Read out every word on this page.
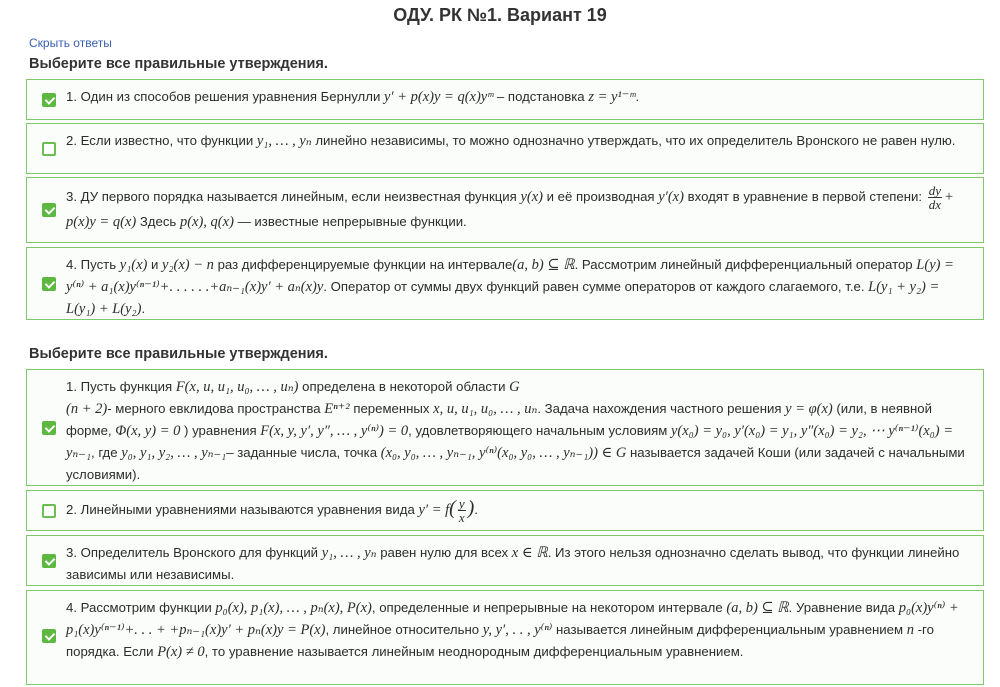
ОДУ. РК №1. Вариант 19
Скрыть ответы
Выберите все правильные утверждения.
1. Один из способов решения уравнения Бернулли y′ + p(x)y = q(x)yᵐ – подстановка z = y¹⁻ᵐ.
2. Если известно, что функции y₁, … , yₙ линейно независимы, то можно однозначно утверждать, что их определитель Вронского не равен нулю.
3. ДУ первого порядка называется линейным, если неизвестная функция y(x) и её производная y′(x) входят в уравнение в первой степени: $\frac{dy}{dx} + p(x)y = q(x)$ Здесь p(x), q(x) — известные непрерывные функции.
4. Пусть y₁(x) и y₂(x) − n раз дифференцируемые функции на интервале(a, b) ⊆ ℝ. Рассмотрим линейный дифференциальный оператор L(y) = y⁽ⁿ⁾ + a₁(x)y⁽ⁿ⁻¹⁾+. . . . . .+aₙ₋₁(x)y′ + aₙ(x)y. Оператор от суммы двух функций равен сумме операторов от каждого слагаемого, т.е. L(y₁ + y₂) = L(y₁) + L(y₂).
Выберите все правильные утверждения.
1. Пусть функция F(x, u, u₁, u₀, … , uₙ) определена в некоторой области G
(n + 2)- мерного евклидова пространства Eⁿ⁺² переменных x, u, u₁, u₀, … , uₙ. Задача нахождения частного решения y = φ(x) (или, в неявной форме, Φ(x, y) = 0 ) уравнения F(x, y, y′, y″, … , y⁽ⁿ⁾) = 0, удовлетворяющего начальным условиям y(x₀) = y₀, y′(x₀) = y₁, y″(x₀) = y₂, ⋯ y⁽ⁿ⁻¹⁾(x₀) = yₙ₋₁, где y₀, y₁, y₂, … , yₙ₋₁– заданные числа, точка (x₀, y₀, … , yₙ₋₁, y⁽ⁿ⁾(x₀, y₀, … , yₙ₋₁)) ∈ G называется задачей Коши (или задачей с начальными условиями).
2. Линейными уравнениями называются уравнения вида $y' = f( \frac{y}{x}$ ).
3. Определитель Вронского для функций y₁, … , yₙ равен нулю для всех x ∈ ℝ. Из этого нельзя однозначно сделать вывод, что функции линейно зависимы или независимы.
4. Рассмотрим функции p₀(x), p₁(x), … , pₙ(x), P(x), определенные и непрерывные на некотором интервале (a, b) ⊆ ℝ. Уравнение вида p₀(x)y⁽ⁿ⁾ + p₁(x)y⁽ⁿ⁻¹⁾+. . . + +pₙ₋₁(x)y′ + pₙ(x)y = P(x), линейное относительно y, y′, . . , y⁽ⁿ⁾ называется линейным дифференциальным уравнением n -го порядка. Если P(x) ≠ 0, то уравнение называется линейным неоднородным дифференциальным уравнением.
